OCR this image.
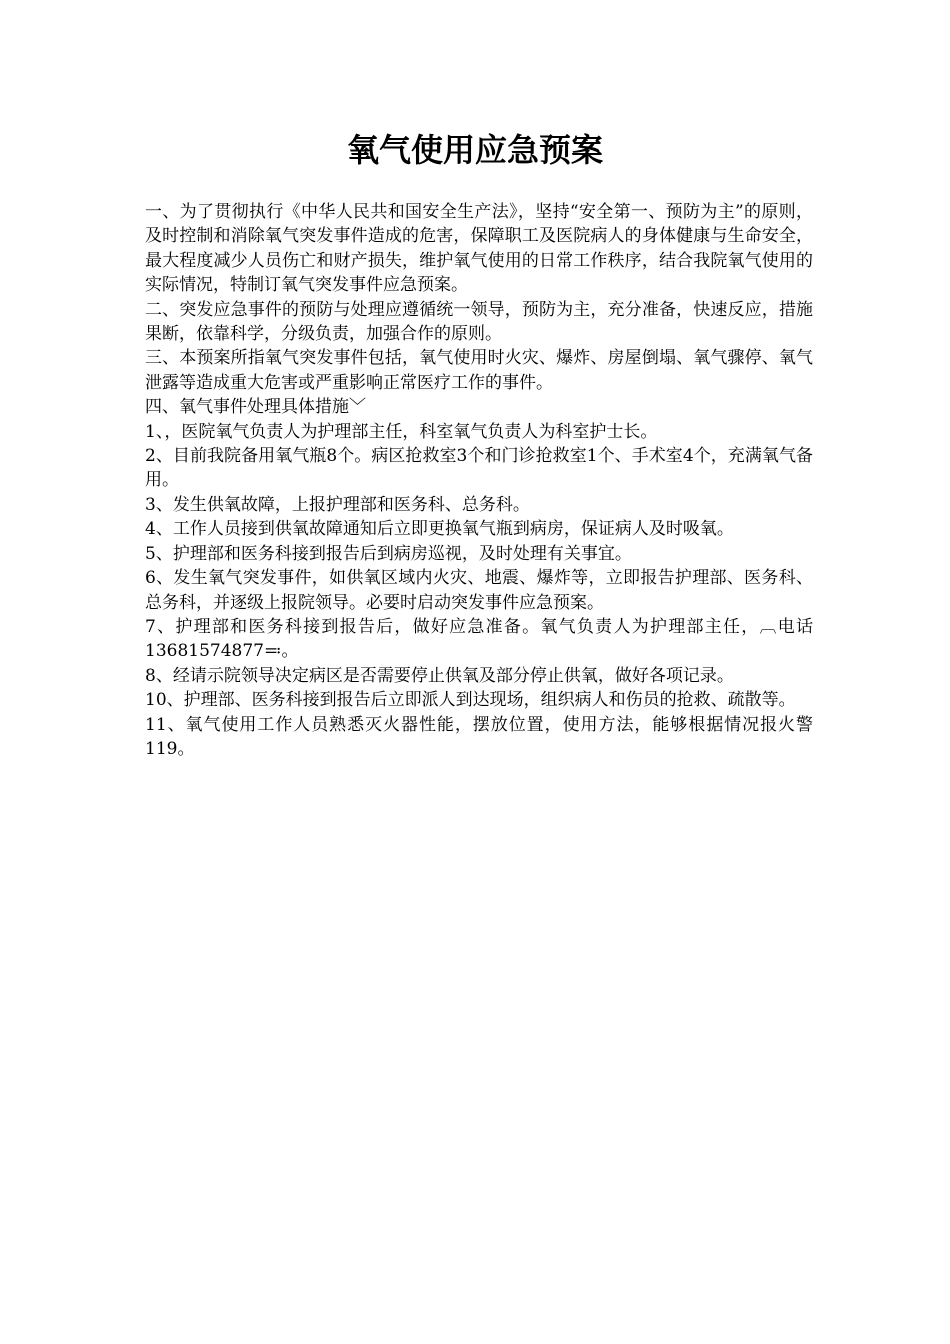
氧气使用应急预案

一、为了贯彻执行《中华人民共和国安全生产法》，坚持“安全第一、预防为主”的原则，及时控制和消除氧气突发事件造成的危害，保障职工及医院病人的身体健康与生命安全，最大程度减少人员伤亡和财产损失，维护氧气使用的日常工作秩序，结合我院氧气使用的实际情况，特制订氧气突发事件应急预案。

二、突发应急事件的预防与处理应遵循统一领导，预防为主，充分准备，快速反应，措施果断，依靠科学，分级负责，加强合作的原则。

三、本预案所指氧气突发事件包括，氧气使用时火灾、爆炸、房屋倒塌、氧气骤停、氧气泄露等造成重大危害或严重影响正常医疗工作的事件。

四、氧气事件处理具体措施﹀

1、，医院氧气负责人为护理部主任，科室氧气负责人为科室护士长。

2、目前我院备用氧气瓶8个。病区抢救室3个和门诊抢救室1个、手术室4个，充满氧气备用。

3、发生供氧故障，上报护理部和医务科、总务科。

4、工作人员接到供氧故障通知后立即更换氧气瓶到病房，保证病人及时吸氧。

5、护理部和医务科接到报告后到病房巡视，及时处理有关事宜。

6、发生氧气突发事件，如供氧区域内火灾、地震、爆炸等，立即报告护理部、医务科、总务科，并逐级上报院领导。必要时启动突发事件应急预案。

7、护理部和医务科接到报告后，做好应急准备。氧气负责人为护理部主任，︹电话13681574877≕。

8、经请示院领导决定病区是否需要停止供氧及部分停止供氧，做好各项记录。

10、护理部、医务科接到报告后立即派人到达现场，组织病人和伤员的抢救、疏散等。

11、氧气使用工作人员熟悉灭火器性能，摆放位置，使用方法，能够根据情况报火警119。
